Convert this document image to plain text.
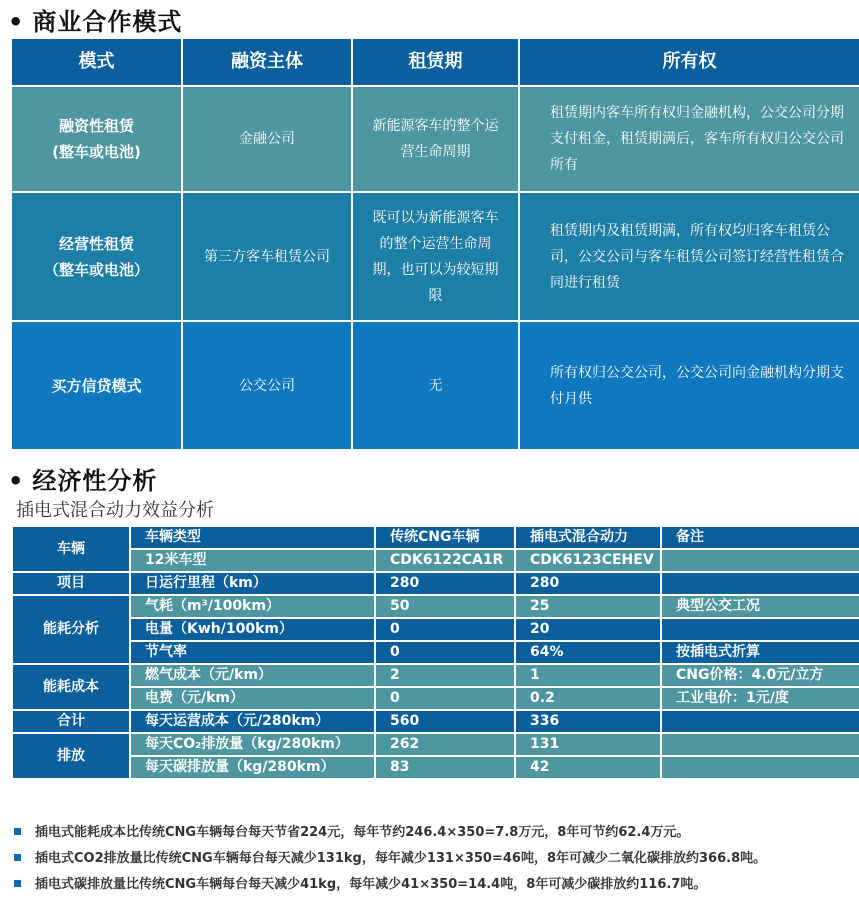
• 商业合作模式
模式	融资主体	租赁期	所有权

融资性租赁
(整车或电池)	金融公司	新能源客车的整个运营生命周期	租赁期内客车所有权归金融机构，公交公司分期支付租金，租赁期满后，客车所有权归公交公司所有

经营性租赁
（整车或电池）	第三方客车租赁公司	既可以为新能源客车的整个运营生命周期，也可以为较短期限	租赁期内及租赁期满，所有权均归客车租赁公司，公交公司与客车租赁公司签订经营性租赁合同进行租赁
买方信贷模式	公交公司	无	所有权归公交公司，公交公司向金融机构分期支付月供
• 经济性分析
插电式混合动力效益分析
车辆	车辆类型	传统CNG车辆	插电式混合动力	备注
	12米车型	CDK6122CA1R	CDK6123CEHEV	
项目	日运行里程（km）	280	280	
能耗分析	气耗（m³/100km）	50	25	典型公交工况
	电量（Kwh/100km）	0	20	
	节气率	0	64%	按插电式折算
能耗成本	燃气成本（元/km）	2	1	CNG价格：4.0元/立方
	电费（元/km）	0	0.2	工业电价：1元/度
合计	每天运营成本（元/280km）	560	336	
排放	每天CO₂排放量（kg/280km）	262	131	
	每天碳排放量（kg/280km）	83	42	
插电式能耗成本比传统CNG车辆每台每天节省224元，每年节约246.4×350=7.8万元，8年可节约62.4万元。
插电式CO2排放量比传统CNG车辆每台每天减少131kg，每年减少131×350=46吨，8年可减少二氧化碳排放约366.8吨。
插电式碳排放量比传统CNG车辆每台每天减少41kg，每年减少41×350=14.4吨，8年可减少碳排放约116.7吨。
